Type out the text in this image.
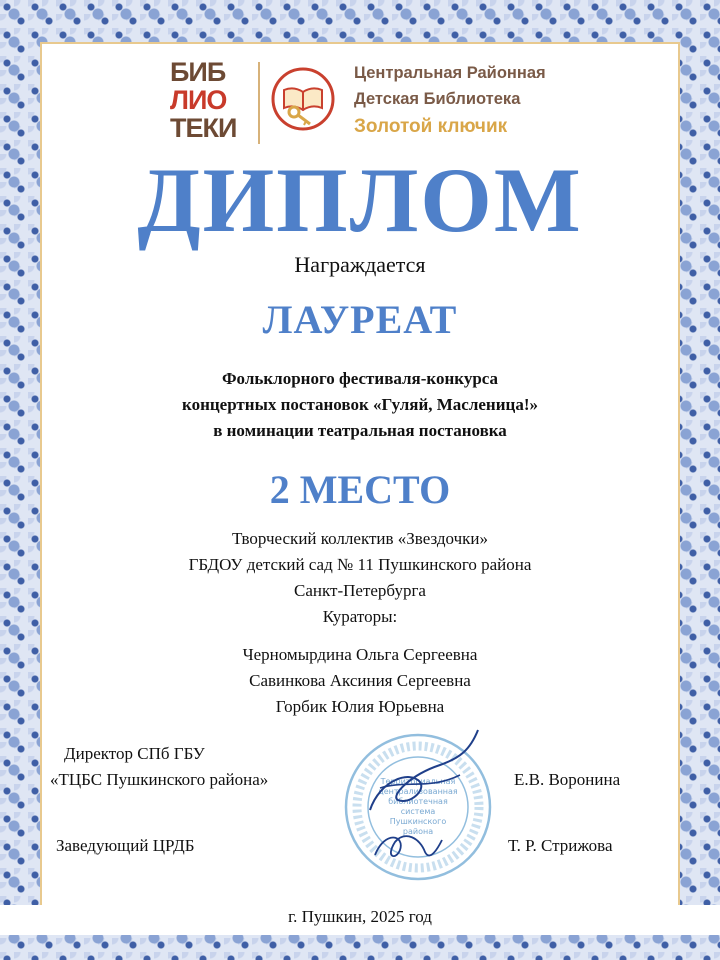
БИБ
ЛИО
ТЕКИ
Центральная Районная
Детская Библиотека
Золотой ключик
ДИПЛОМ
Награждается
ЛАУРЕАТ
Фольклорного фестиваля-конкурса
концертных постановок «Гуляй, Масленица!»
в номинации театральная постановка
2 МЕСТО
Творческий коллектив «Звездочки»
ГБДОУ детский сад № 11 Пушкинского района
Санкт-Петербурга
Кураторы:
Черномырдина Ольга Сергеевна
Савинкова Аксиния Сергеевна
Горбик Юлия Юрьевна
Директор СПб ГБУ
«ТЦБС Пушкинского района»	Е.В. Воронина
Заведующий ЦРДБ	Т. Р. Стрижова
Территориальная
централизованная
библиотечная
система
Пушкинского
района
г. Пушкин, 2025 год
